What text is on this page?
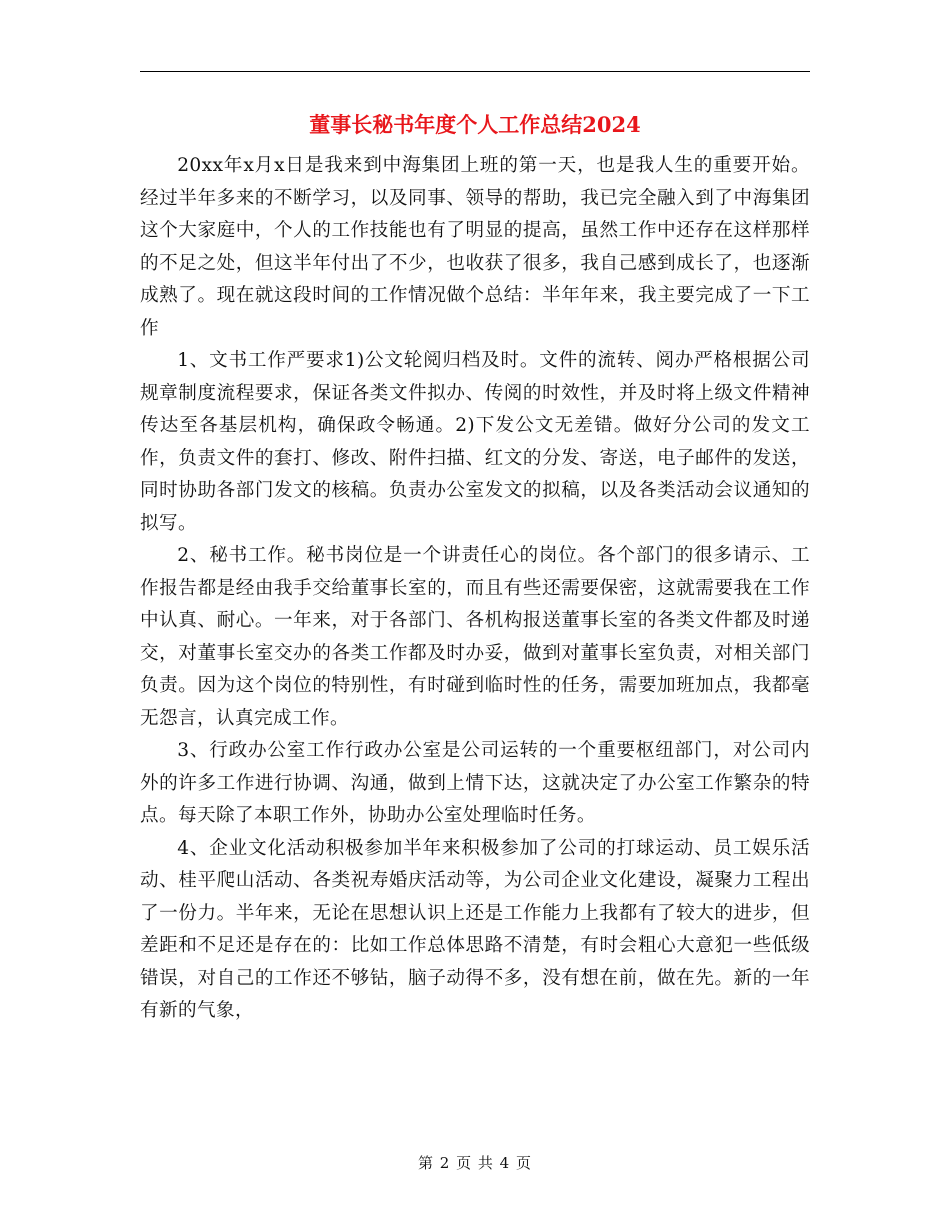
董事长秘书年度个人工作总结2024

20xx年x月x日是我来到中海集团上班的第一天，也是我人生的重要开始。经过半年多来的不断学习，以及同事、领导的帮助，我已完全融入到了中海集团这个大家庭中，个人的工作技能也有了明显的提高，虽然工作中还存在这样那样的不足之处，但这半年付出了不少，也收获了很多，我自己感到成长了，也逐渐成熟了。现在就这段时间的工作情况做个总结：半年年来，我主要完成了一下工作

1、文书工作严要求1)公文轮阅归档及时。文件的流转、阅办严格根据公司规章制度流程要求，保证各类文件拟办、传阅的时效性，并及时将上级文件精神传达至各基层机构，确保政令畅通。2)下发公文无差错。做好分公司的发文工作，负责文件的套打、修改、附件扫描、红文的分发、寄送，电子邮件的发送，同时协助各部门发文的核稿。负责办公室发文的拟稿，以及各类活动会议通知的拟写。

2、秘书工作。秘书岗位是一个讲责任心的岗位。各个部门的很多请示、工作报告都是经由我手交给董事长室的，而且有些还需要保密，这就需要我在工作中认真、耐心。一年来，对于各部门、各机构报送董事长室的各类文件都及时递交，对董事长室交办的各类工作都及时办妥，做到对董事长室负责，对相关部门负责。因为这个岗位的特别性，有时碰到临时性的任务，需要加班加点，我都毫无怨言，认真完成工作。

3、行政办公室工作行政办公室是公司运转的一个重要枢纽部门，对公司内外的许多工作进行协调、沟通，做到上情下达，这就决定了办公室工作繁杂的特点。每天除了本职工作外，协助办公室处理临时任务。

4、企业文化活动积极参加半年来积极参加了公司的打球运动、员工娱乐活动、桂平爬山活动、各类祝寿婚庆活动等，为公司企业文化建设，凝聚力工程出了一份力。半年来，无论在思想认识上还是工作能力上我都有了较大的进步，但差距和不足还是存在的：比如工作总体思路不清楚，有时会粗心大意犯一些低级错误，对自己的工作还不够钻，脑子动得不多，没有想在前，做在先。新的一年有新的气象，

第 2 页 共 4 页
